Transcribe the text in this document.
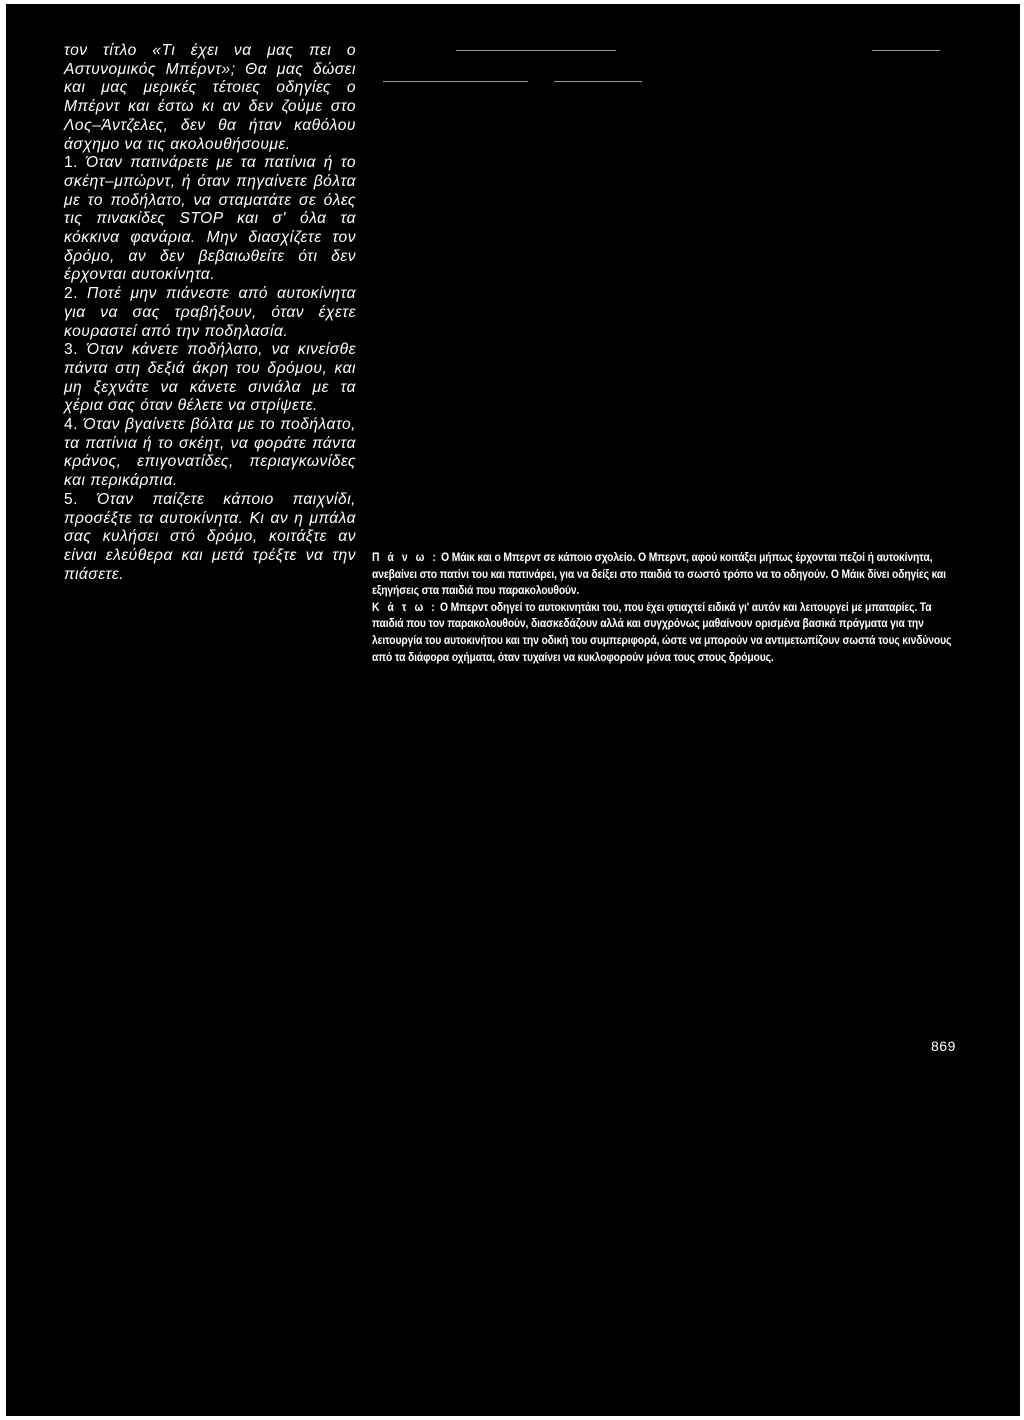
τον τίτλο «Τι έχει να μας πει ο Αστυνομικός Μπέρντ»; Θα μας δώσει και μας μερικές τέτοιες οδηγίες ο Μπέρντ και έστω κι αν δεν ζούμε στο Λος–Άντζελες, δεν θα ήταν καθόλου άσχημο να τις ακολουθήσουμε.

1. Όταν πατινάρετε με τα πατίνια ή το σκέητ–μπώρντ, ή όταν πηγαίνετε βόλτα με το ποδήλατο, να σταματάτε σε όλες τις πινακίδες STOP και σ' όλα τα κόκκινα φανάρια. Μην διασχίζετε τον δρόμο, αν δεν βεβαιωθείτε ότι δεν έρχονται αυτοκίνητα.

2. Ποτέ μην πιάνεστε από αυτοκίνητα για να σας τραβήξουν, όταν έχετε κουραστεί από την ποδηλασία.

3. Όταν κάνετε ποδήλατο, να κινείσθε πάντα στη δεξιά άκρη του δρόμου, και μη ξεχνάτε να κάνετε σινιάλα με τα χέρια σας όταν θέλετε να στρίψετε.

4. Όταν βγαίνετε βόλτα με το ποδήλατο, τα πατίνια ή το σκέητ, να φοράτε πάντα κράνος, επιγονατίδες, περιαγκωνίδες και περικάρπια.

5. Όταν παίζετε κάποιο παιχνίδι, προσέξτε τα αυτοκίνητα. Κι αν η μπάλα σας κυλήσει στό δρόμο, κοιτάξτε αν είναι ελεύθερα και μετά τρέξτε να την πιάσετε.

Π ά ν ω : Ο Μάικ και ο Μπερντ σε κάποιο σχολείο. Ο Μπερντ, αφού κοιτάξει μήπως έρχονται πεζοί ή αυτοκίνητα, ανεβαίνει στο πατίνι του και πατινάρει, για να δείξει στο παιδιά το σωστό τρόπο να το οδηγούν. Ο Μάικ δίνει οδηγίες και εξηγήσεις στα παιδιά που παρακολουθούν.

Κ ά τ ω : Ο Μπερντ οδηγεί το αυτοκινητάκι του, που έχει φτιαχτεί ειδικά γι' αυτόν και λειτουργεί με μπαταρίες. Τα παιδιά που τον παρακολουθούν, διασκεδάζουν αλλά και συγχρόνως μαθαίνουν ορισμένα βασικά πράγματα για την λειτουργία του αυτοκινήτου και την οδική του συμπεριφορά, ώστε να μπορούν να αντιμετωπίζουν σωστά τους κινδύνους από τα διάφορα οχήματα, όταν τυχαίνει να κυκλοφορούν μόνα τους στους δρόμους.

869
